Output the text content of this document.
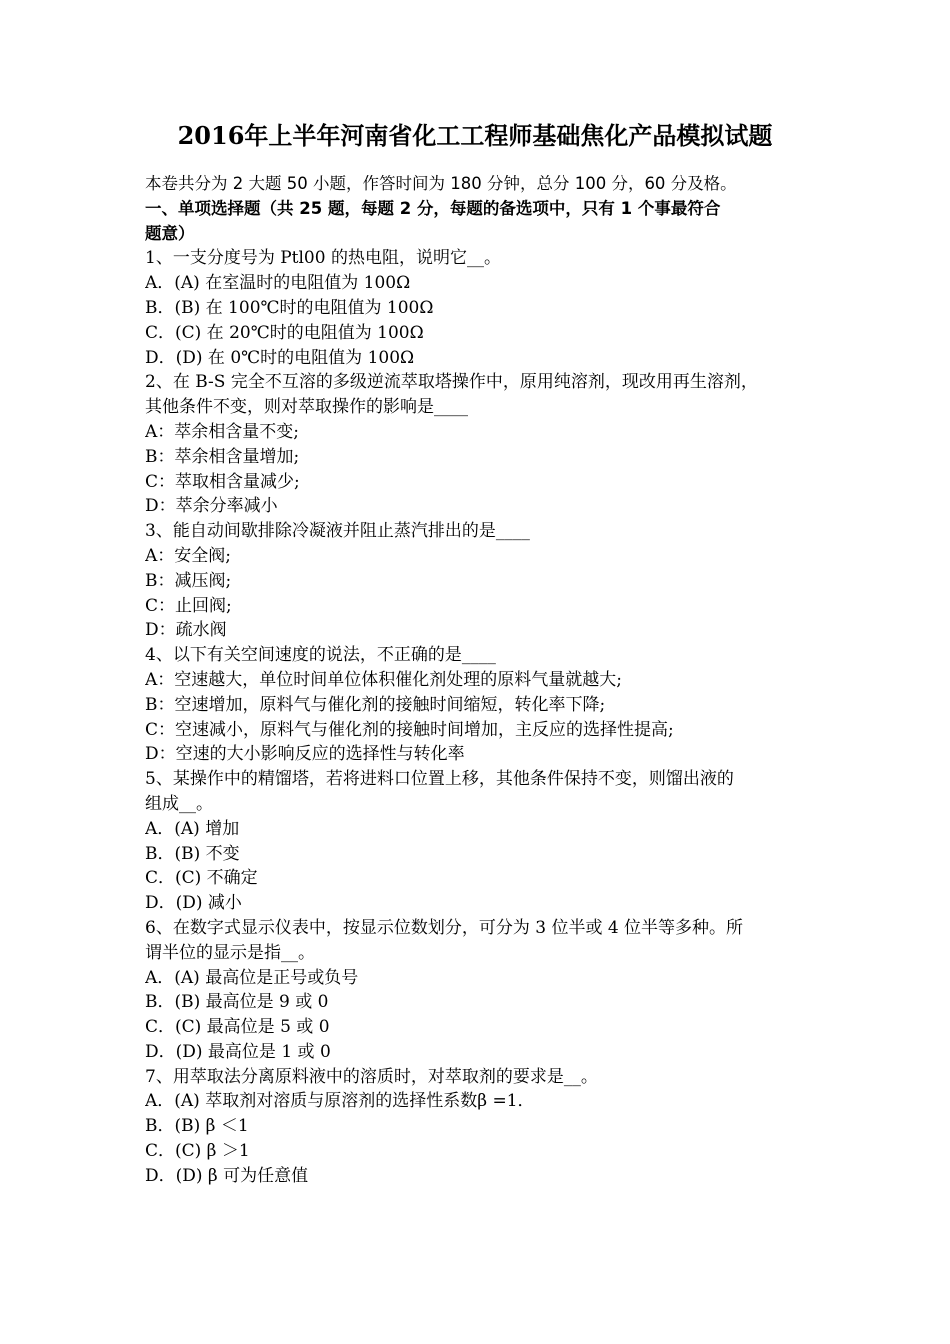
2016年上半年河南省化工工程师基础焦化产品模拟试题
本卷共分为 2 大题 50 小题，作答时间为 180 分钟，总分 100 分，60 分及格。
一、单项选择题（共 25 题，每题 2 分，每题的备选项中，只有 1 个事最符合
题意）
1、一支分度号为 Ptl00 的热电阻，说明它__。
A．(A) 在室温时的电阻值为 100Ω
B．(B) 在 100℃时的电阻值为 100Ω
C．(C) 在 20℃时的电阻值为 100Ω
D．(D) 在 0℃时的电阻值为 100Ω
2、在 B-S 完全不互溶的多级逆流萃取塔操作中，原用纯溶剂，现改用再生溶剂，
其他条件不变，则对萃取操作的影响是____
A：萃余相含量不变;
B：萃余相含量增加;
C：萃取相含量减少;
D：萃余分率减小
3、能自动间歇排除冷凝液并阻止蒸汽排出的是____
A：安全阀;
B：减压阀;
C：止回阀;
D：疏水阀
4、以下有关空间速度的说法，不正确的是____
A：空速越大，单位时间单位体积催化剂处理的原料气量就越大;
B：空速增加，原料气与催化剂的接触时间缩短，转化率下降;
C：空速减小，原料气与催化剂的接触时间增加，主反应的选择性提高;
D：空速的大小影响反应的选择性与转化率
5、某操作中的精馏塔，若将进料口位置上移，其他条件保持不变，则馏出液的
组成__。
A．(A) 增加
B．(B) 不变
C．(C) 不确定
D．(D) 减小
6、在数字式显示仪表中，按显示位数划分，可分为 3 位半或 4 位半等多种。所
谓半位的显示是指__。
A．(A) 最高位是正号或负号
B．(B) 最高位是 9 或 0
C．(C) 最高位是 5 或 0
D．(D) 最高位是 1 或 0
7、用萃取法分离原料液中的溶质时，对萃取剂的要求是__。
A．(A) 萃取剂对溶质与原溶剂的选择性系数β =1．
B．(B) β ＜1
C．(C) β ＞1
D．(D) β 可为任意值
